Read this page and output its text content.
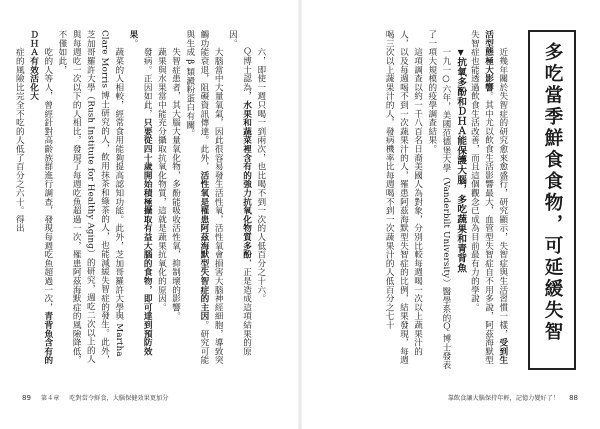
六，即使一週只喝一到兩次，也比喝不到一次的人低百分之十六。
Ｑ博士認為，水果和蔬菜裡含有的強力抗氧化物質多酚，正是造成這項結果的原因。
大腦當中大量氧氣，因此很容易發生活性氧，活性氧會損害大腦神經細胞，導致突觸功能衰退，阻礙資訊傳達。此外，活性氧是罹患阿茲海默型失智症的主因。研究可能與生成 β 類澱粉蛋白有關。
失智症患者，其大腦大量氧化物，多酚能吸收活性氧，抑制壞的影響。
蔬果與水果當中能充分攝取抗氧化物質，這就是蔬果抗氧化的原因。
發病。正因如此，只要從四十歲開始積極攝取有益大腦的食物，即可達到預防效果。
蔬菜的人相較，經常食用能夠提高認知功能。此外，芝加哥羅許大學與 Martha Clare Morris 博士研究的人，飲用抹茶和綠茶的人，也能減緩失智症的發生。此外，芝加哥羅許大學（Rush Institute for Healthy Aging）的研究，週吃二次以上的人與每週吃一次以下的人相比，發現了每週吃魚超過一次，罹患阿茲海默症的風險降低，不僅如此，
吃的人等人，曾經針對高齡族群進行調查，發現每週吃魚超過一次，青背魚含有的ＤＨＡ有效活化大
症的風險比完全不吃的人低了百分之六十。得出

89 第４章 吃對當令鮮食，大腦保健效果更加分
多吃當季鮮食食物，可延緩失智

近幾年關於失智症的研究愈來愈盛行，研究顯示，失智症與生活習慣一樣，受到生活型態極大影響。其中尤以飲食生活影響最大，血管型失智症自不用多說，阿茲海默型失智症也能透過飲食生活改善，而且這個觀念已成為目前最有力的學說。
▼抗氧多酚和ＤＨＡ能保護大腦，多吃蔬果和青背魚
一九一○六年，美國范德堡大學（Vanderbilt University）醫學系的Ｑ 博士發表了一項大規模的疫學調查結果。
這項調查以約一千八百名日裔美國人為對象，分別比較每週喝一次以上蔬果汁的人，以及每週喝不到一次蔬果汁的人，罹患阿茲海默型失智症的比例，結果發現，每週喝三次以上蔬果汁的人，發病機率比每週喝不到一次蔬果汁的人低百分之七十

靠飲食讓大腦保持年輕，記憶力變好了！ 88
